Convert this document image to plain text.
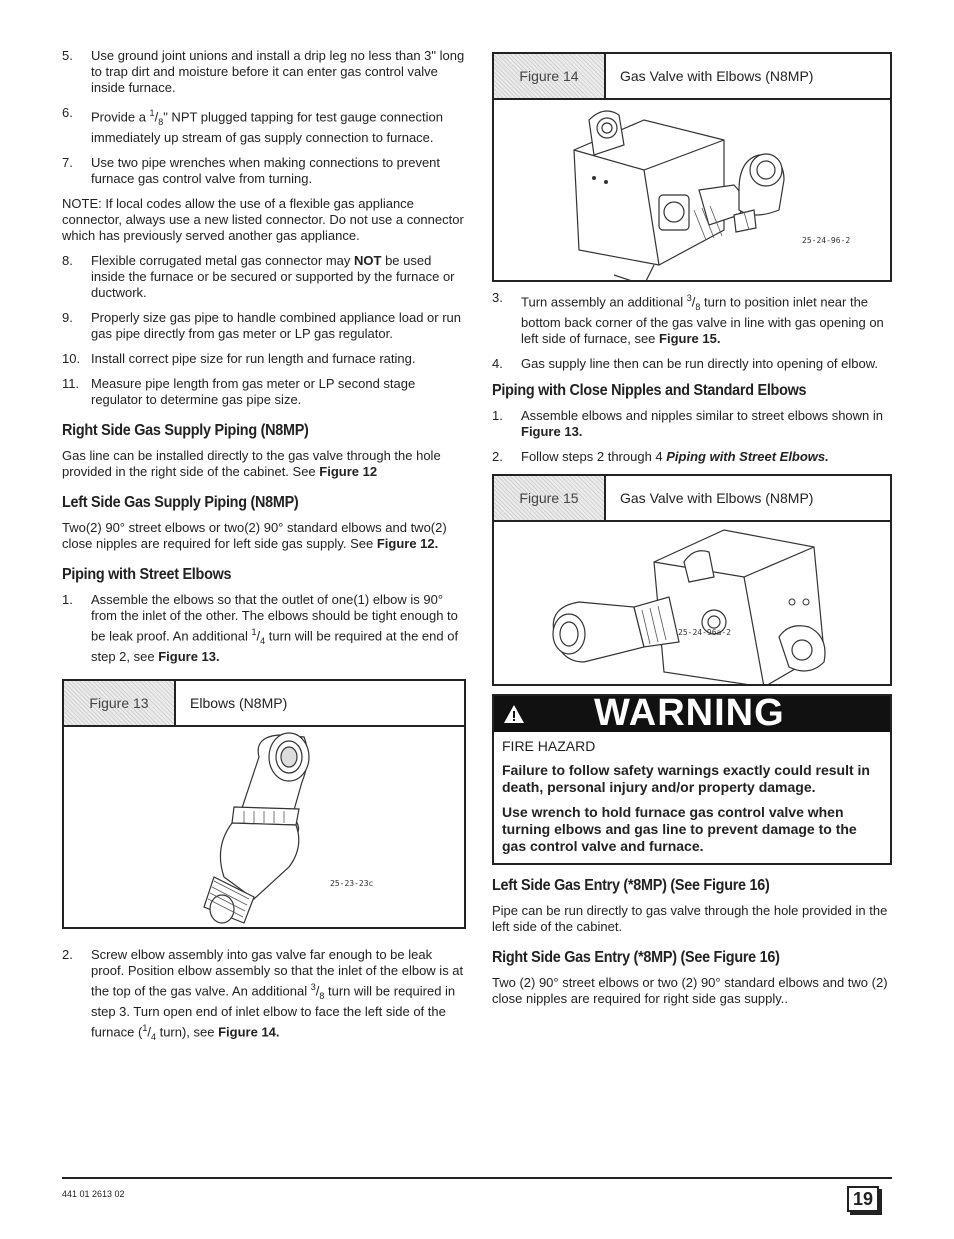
5. Use ground joint unions and install a drip leg no less than 3" long to trap dirt and moisture before it can enter gas control valve inside furnace.
6. Provide a $^1/_8$" NPT plugged tapping for test gauge connection immediately up stream of gas supply connection to furnace.
7. Use two pipe wrenches when making connections to prevent furnace gas control valve from turning.

NOTE: If local codes allow the use of a flexible gas appliance connector, always use a new listed connector. Do not use a connector which has previously served another gas appliance.

8. Flexible corrugated metal gas connector may NOT be used inside the furnace or be secured or supported by the furnace or ductwork.
9. Properly size gas pipe to handle combined appliance load or run gas pipe directly from gas meter or LP gas regulator.
10. Install correct pipe size for run length and furnace rating.
11. Measure pipe length from gas meter or LP second stage regulator to determine gas pipe size.
Right Side Gas Supply Piping (N8MP)

Gas line can be installed directly to the gas valve through the hole provided in the right side of the cabinet. See Figure 12

Left Side Gas Supply Piping (N8MP)

Two(2) 90° street elbows or two(2) 90° standard elbows and two(2) close nipples are required for left side gas supply. See Figure 12.

Piping with Street Elbows
1. Assemble the elbows so that the outlet of one(1) elbow is 90° from the inlet of the other. The elbows should be tight enough to be leak proof. An additional $^1/_4$ turn will be required at the end of step 2, see Figure 13.
Figure 13	Elbows (N8MP)
25-23-23c
2. Screw elbow assembly into gas valve far enough to be leak proof. Position elbow assembly so that the inlet of the elbow is at the top of the gas valve. An additional $^3/_8$ turn will be required in step 3. Turn open end of inlet elbow to face the left side of the furnace ($^1/_4$ turn), see Figure 14.
Figure 14	Gas Valve with Elbows (N8MP)
25-24-96-2
3. Turn assembly an additional $^3/_8$ turn to position inlet near the bottom back corner of the gas valve in line with gas opening on left side of furnace, see Figure 15.
4. Gas supply line then can be run directly into opening of elbow.
Piping with Close Nipples and Standard Elbows
1. Assemble elbows and nipples similar to street elbows shown in Figure 13.
2. Follow steps 2 through 4 Piping with Street Elbows.
Figure 15	Gas Valve with Elbows (N8MP)
25-24-96a-2
WARNING
FIRE HAZARD
Failure to follow safety warnings exactly could result in death, personal injury and/or property damage.
Use wrench to hold furnace gas control valve when turning elbows and gas line to prevent damage to the gas control valve and furnace.
Left Side Gas Entry (*8MP) (See Figure 16)

Pipe can be run directly to gas valve through the hole provided in the left side of the cabinet.

Right Side Gas Entry (*8MP) (See Figure 16)

Two (2) 90° street elbows or two (2) 90° standard elbows and two (2) close nipples are required for right side gas supply..

441 01 2613 02	19
